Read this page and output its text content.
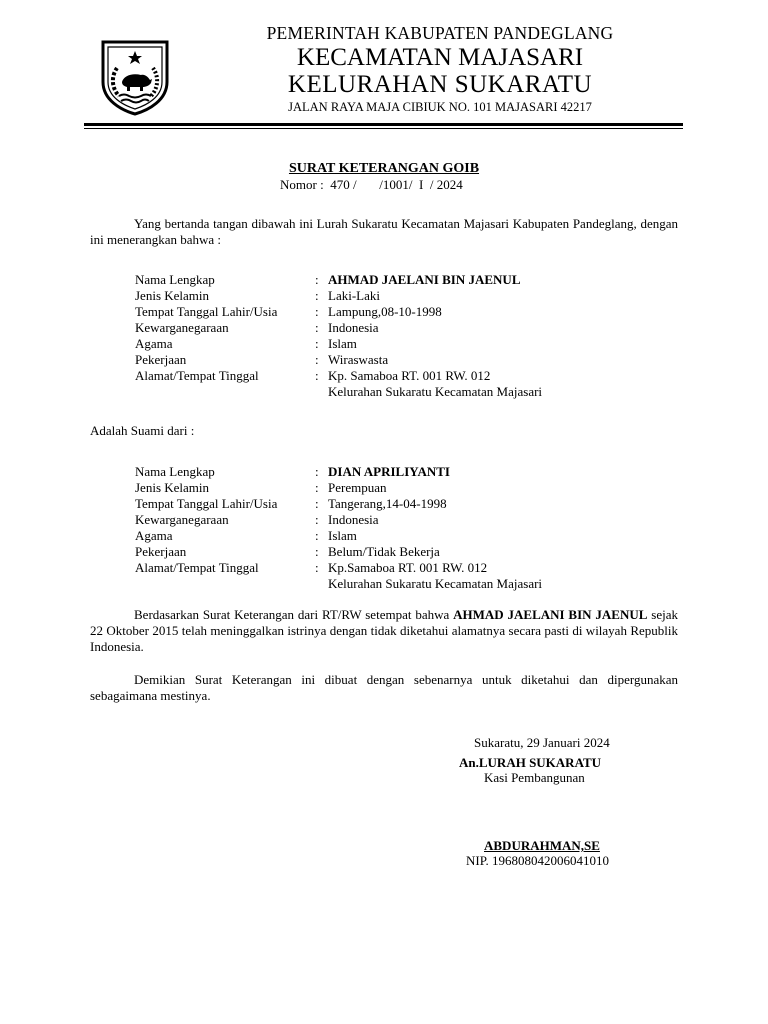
PEMERINTAH KABUPATEN PANDEGLANG
KECAMATAN MAJASARI
KELURAHAN SUKARATU
JALAN RAYA MAJA CIBIUK NO. 101 MAJASARI 42217
SURAT KETERANGAN GOIB
Nomor :  470 /       /1001/  I  / 2024

Yang bertanda tangan dibawah ini Lurah Sukaratu Kecamatan Majasari Kabupaten Pandeglang, dengan ini menerangkan bahwa :

Nama Lengkap	: AHMAD JAELANI BIN JAENUL
Jenis Kelamin	: Laki-Laki
Tempat Tanggal Lahir/Usia	: Lampung,08-10-1998
Kewarganegaraan	: Indonesia
Agama	: Islam
Pekerjaan	: Wiraswasta
Alamat/Tempat Tinggal	: Kp. Samaboa RT. 001 RW. 012
Kelurahan Sukaratu Kecamatan Majasari
Adalah Suami dari :
Nama Lengkap	: DIAN APRILIYANTI
Jenis Kelamin	: Perempuan
Tempat Tanggal Lahir/Usia	: Tangerang,14-04-1998
Kewarganegaraan	: Indonesia
Agama	: Islam
Pekerjaan	: Belum/Tidak Bekerja
Alamat/Tempat Tinggal	: Kp.Samaboa RT. 001 RW. 012
Kelurahan Sukaratu Kecamatan Majasari

Berdasarkan Surat Keterangan dari RT/RW setempat bahwa AHMAD JAELANI BIN JAENUL sejak 22 Oktober 2015 telah meninggalkan istrinya dengan tidak diketahui alamatnya secara pasti di wilayah Republik Indonesia.

Demikian Surat Keterangan ini dibuat dengan sebenarnya untuk diketahui dan dipergunakan sebagaimana mestinya.

Sukaratu, 29 Januari 2024
An.LURAH SUKARATU
Kasi Pembangunan
ABDURAHMAN,SE
NIP. 196808042006041010
